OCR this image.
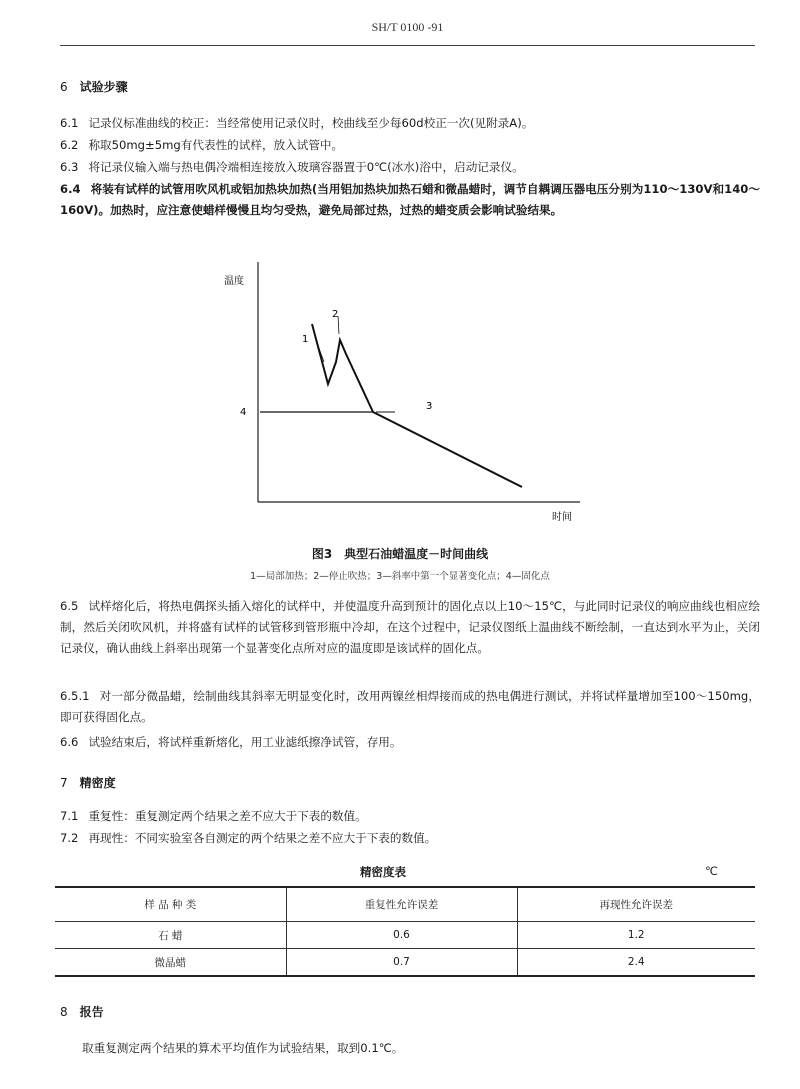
SH/T 0100 -91
6 试验步骤
6.1 记录仪标准曲线的校正：当经常使用记录仪时，校曲线至少每60d校正一次(见附录A)。
6.2 称取50mg±5mg有代表性的试样，放入试管中。
6.3 将记录仪输入端与热电偶冷端相连接放入玻璃容器置于0℃(冰水)浴中，启动记录仪。
6.4 将装有试样的试管用吹风机或铝加热块加热(当用铝加热块加热石蜡和微晶蜡时，调节自耦调压器电压分别为110～130V和140～160V)。加热时，应注意使蜡样慢慢且均匀受热，避免局部过热，过热的蜡变质会影响试验结果。
温度
时间
1
2
3
4
图3　典型石油蜡温度－时间曲线
1—局部加热；2—停止吹热；3—斜率中第一个显著变化点；4—固化点
6.5 试样熔化后，将热电偶探头插入熔化的试样中，并使温度升高到预计的固化点以上10～15℃，与此同时记录仪的响应曲线也相应绘制，然后关闭吹风机，并将盛有试样的试管移到管形瓶中冷却，在这个过程中，记录仪图纸上温曲线不断绘制，一直达到水平为止，关闭记录仪，确认曲线上斜率出现第一个显著变化点所对应的温度即是该试样的固化点。
6.5.1 对一部分微晶蜡，绘制曲线其斜率无明显变化时，改用两镍丝相焊接而成的热电偶进行测试，并将试样量增加至100～150mg，即可获得固化点。
6.6 试验结束后，将试样重新熔化，用工业滤纸擦净试管，存用。
7 精密度
7.1 重复性：重复测定两个结果之差不应大于下表的数值。
7.2 再现性：不同实验室各自测定的两个结果之差不应大于下表的数值。
精密度表	℃
样 品 种 类	重复性允许误差	再现性允许误差
石 蜡	0.6	1.2
微晶蜡	0.7	2.4
8 报告
取重复测定两个结果的算术平均值作为试验结果，取到0.1℃。
